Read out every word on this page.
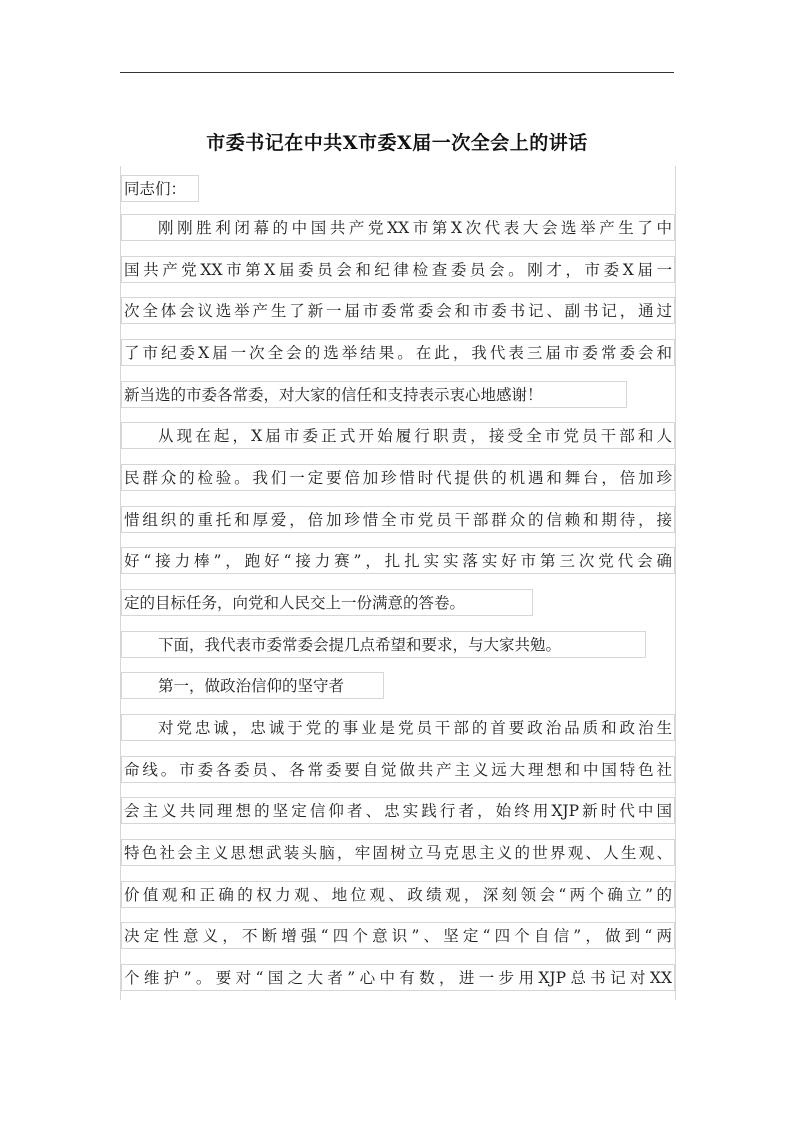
市委书记在中共X市委X届一次全会上的讲话
同志们：
刚刚胜利闭幕的中国共产党XX市第X次代表大会选举产生了中
国共产党XX市第X届委员会和纪律检查委员会。刚才，市委X届一
次全体会议选举产生了新一届市委常委会和市委书记、副书记，通过
了市纪委X届一次全会的选举结果。在此，我代表三届市委常委会和
新当选的市委各常委，对大家的信任和支持表示衷心地感谢！
从现在起，X届市委正式开始履行职责，接受全市党员干部和人
民群众的检验。我们一定要倍加珍惜时代提供的机遇和舞台，倍加珍
惜组织的重托和厚爱，倍加珍惜全市党员干部群众的信赖和期待，接
好“接力棒”，跑好“接力赛”，扎扎实实落实好市第三次党代会确
定的目标任务，向党和人民交上一份满意的答卷。
下面，我代表市委常委会提几点希望和要求，与大家共勉。
第一，做政治信仰的坚守者
对党忠诚，忠诚于党的事业是党员干部的首要政治品质和政治生
命线。市委各委员、各常委要自觉做共产主义远大理想和中国特色社
会主义共同理想的坚定信仰者、忠实践行者，始终用XJP新时代中国
特色社会主义思想武装头脑，牢固树立马克思主义的世界观、人生观、
价值观和正确的权力观、地位观、政绩观，深刻领会“两个确立”的
决定性意义，不断增强“四个意识”、坚定“四个自信”，做到“两
个维护”。要对“国之大者”心中有数，进一步用XJP总书记对XX
